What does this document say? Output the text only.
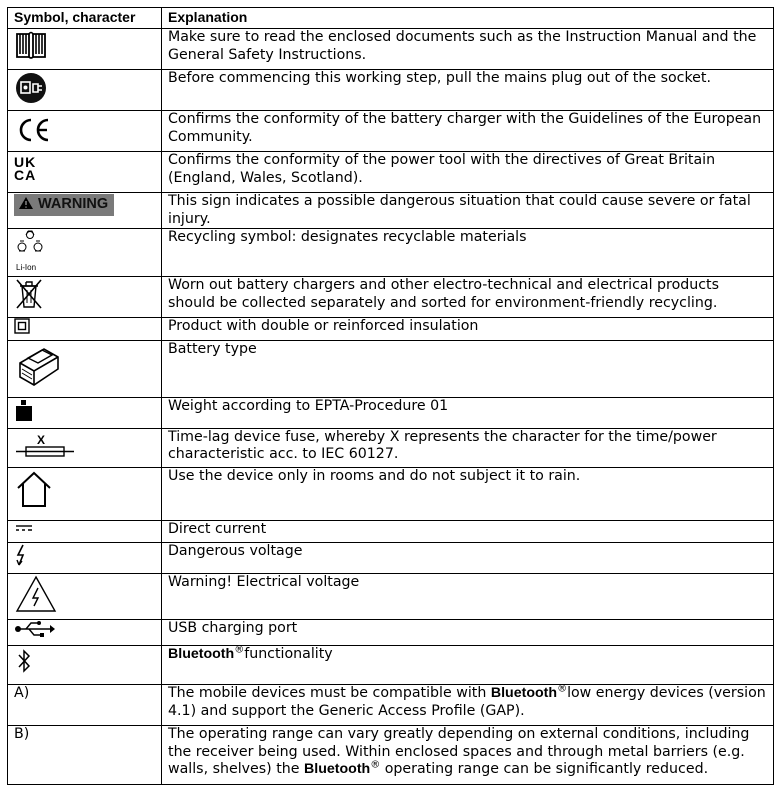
Symbol, character	Explanation
	Make sure to read the enclosed documents such as the Instruction Manual and the General Safety Instructions.
	Before commencing this working step, pull the mains plug out of the socket.
	Confirms the conformity of the battery charger with the Guidelines of the European Community.

UK
CA	Confirms the conformity of the power tool with the directives of Great Britain (England, Wales, Scotland).
WARNING	This sign indicates a possible dangerous situation that could cause severe or fatal injury.

Li-Ion	Recycling symbol: designates recyclable materials
	Worn out battery chargers and other electro-technical and electrical products should be collected separately and sorted for environment-friendly recycling.
	Product with double or reinforced insulation
	Battery type
	Weight according to EPTA-Procedure 01

X	Time-lag device fuse, whereby X represents the character for the time/power characteristic acc. to IEC 60127.
	Use the device only in rooms and do not subject it to rain.
	Direct current
	Dangerous voltage
	Warning! Electrical voltage
	USB charging port
	Bluetooth®functionality
A)	The mobile devices must be compatible with Bluetooth®low energy devices (version 4.1) and support the Generic Access Profile (GAP).
B)	The operating range can vary greatly depending on external conditions, including the receiver being used. Within enclosed spaces and through metal barriers (e.g. walls, shelves) the Bluetooth® operating range can be significantly reduced.
